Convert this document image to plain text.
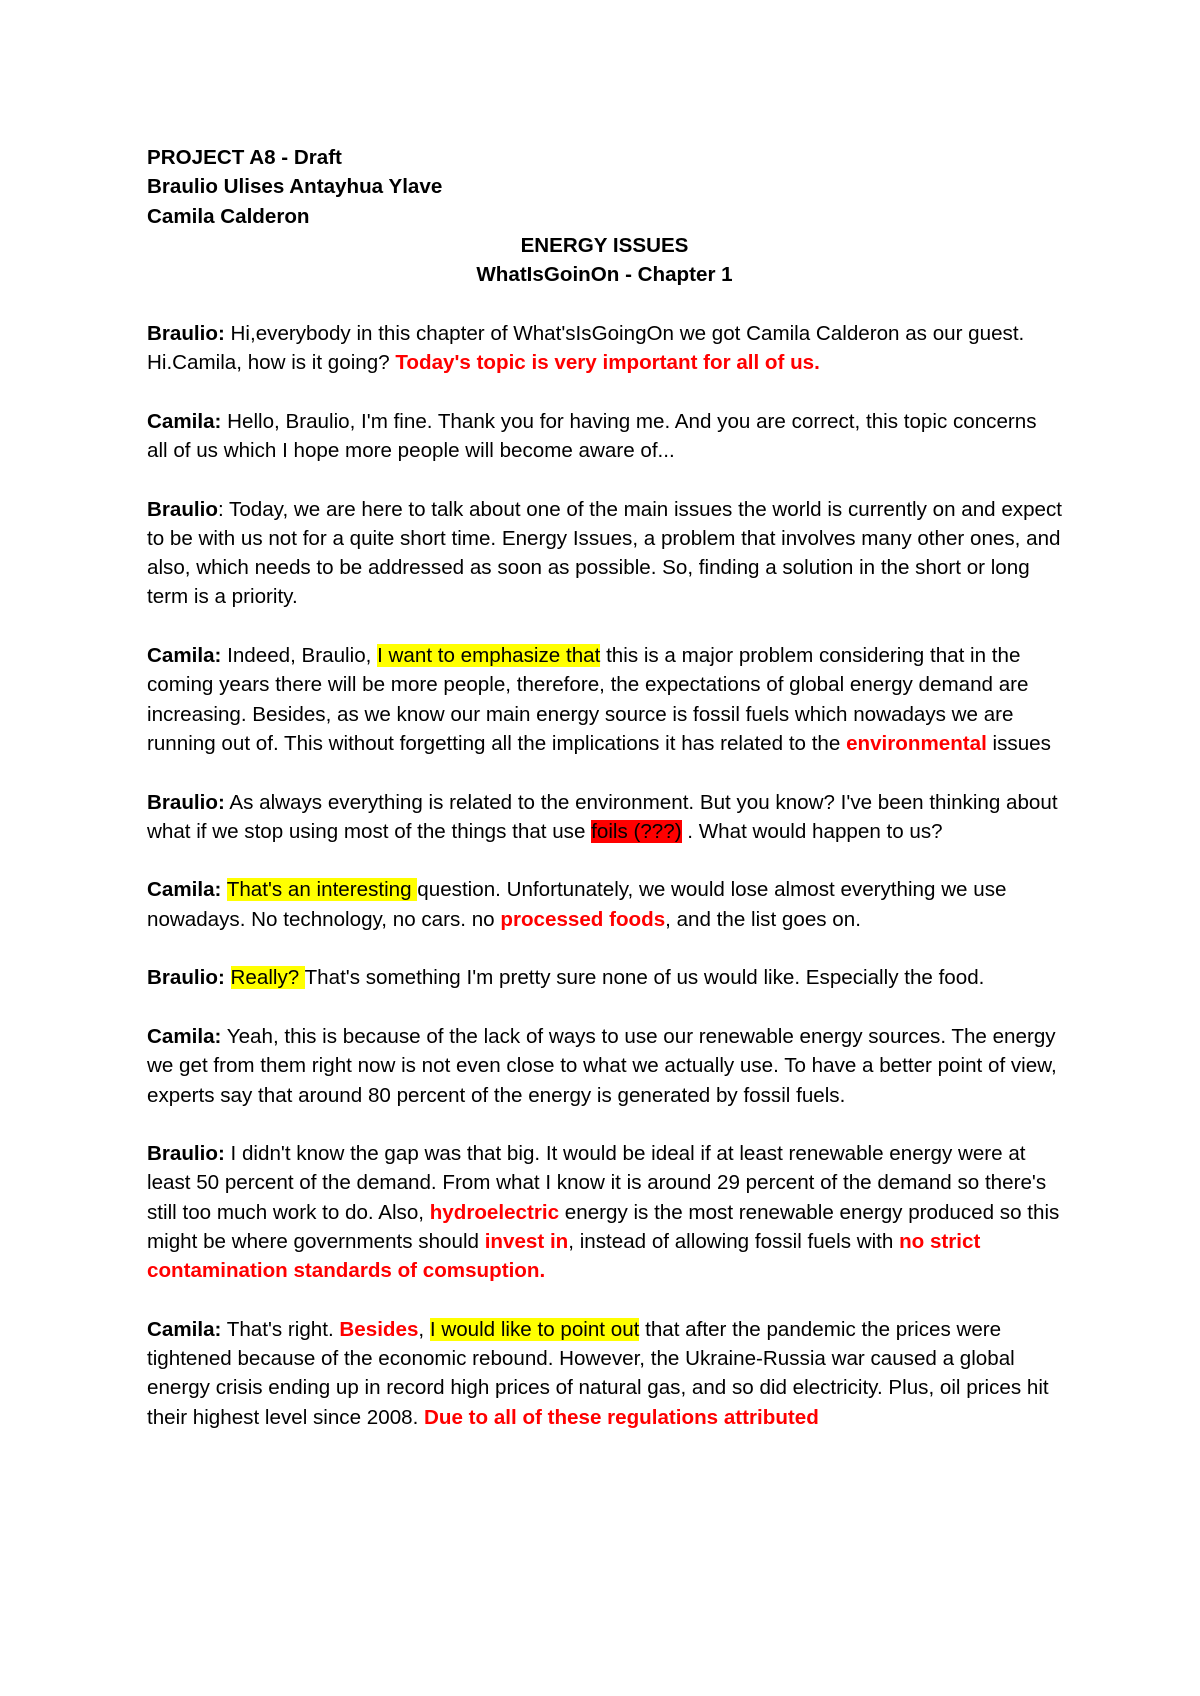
PROJECT A8 - Draft

Braulio Ulises Antayhua Ylave

Camila Calderon

ENERGY ISSUES

WhatIsGoinOn - Chapter 1

Braulio: Hi,everybody in this chapter of What'sIsGoingOn we got Camila Calderon as our guest. Hi.Camila, how is it going? Today's topic is very important for all of us.

Camila: Hello, Braulio, I'm fine. Thank you for having me. And you are correct, this topic concerns all of us which I hope more people will become aware of...

Braulio: Today, we are here to talk about one of the main issues the world is currently on and expect to be with us not for a quite short time. Energy Issues, a problem that involves many other ones, and also, which needs to be addressed as soon as possible. So, finding a solution in the short or long term is a priority.

Camila: Indeed, Braulio, I want to emphasize that this is a major problem considering that in the coming years there will be more people, therefore, the expectations of global energy demand are increasing. Besides, as we know our main energy source is fossil fuels which nowadays we are running out of. This without forgetting all the implications it has related to the environmental issues

Braulio: As always everything is related to the environment. But you know? I've been thinking about what if we stop using most of the things that use foils (???) . What would happen to us?

Camila: That's an interesting question. Unfortunately, we would lose almost everything we use nowadays. No technology, no cars. no processed foods, and the list goes on.

Braulio: Really? That's something I'm pretty sure none of us would like. Especially the food.

Camila: Yeah, this is because of the lack of ways to use our renewable energy sources. The energy we get from them right now is not even close to what we actually use. To have a better point of view, experts say that around 80 percent of the energy is generated by fossil fuels.

Braulio: I didn't know the gap was that big. It would be ideal if at least renewable energy were at least 50 percent of the demand. From what I know it is around 29 percent of the demand so there's still too much work to do. Also, hydroelectric energy is the most renewable energy produced so this might be where governments should invest in, instead of allowing fossil fuels with no strict contamination standards of comsuption.

Camila: That's right. Besides, I would like to point out that after the pandemic the prices were tightened because of the economic rebound. However, the Ukraine-Russia war caused a global energy crisis ending up in record high prices of natural gas, and so did electricity. Plus, oil prices hit their highest level since 2008. Due to all of these regulations attributed
